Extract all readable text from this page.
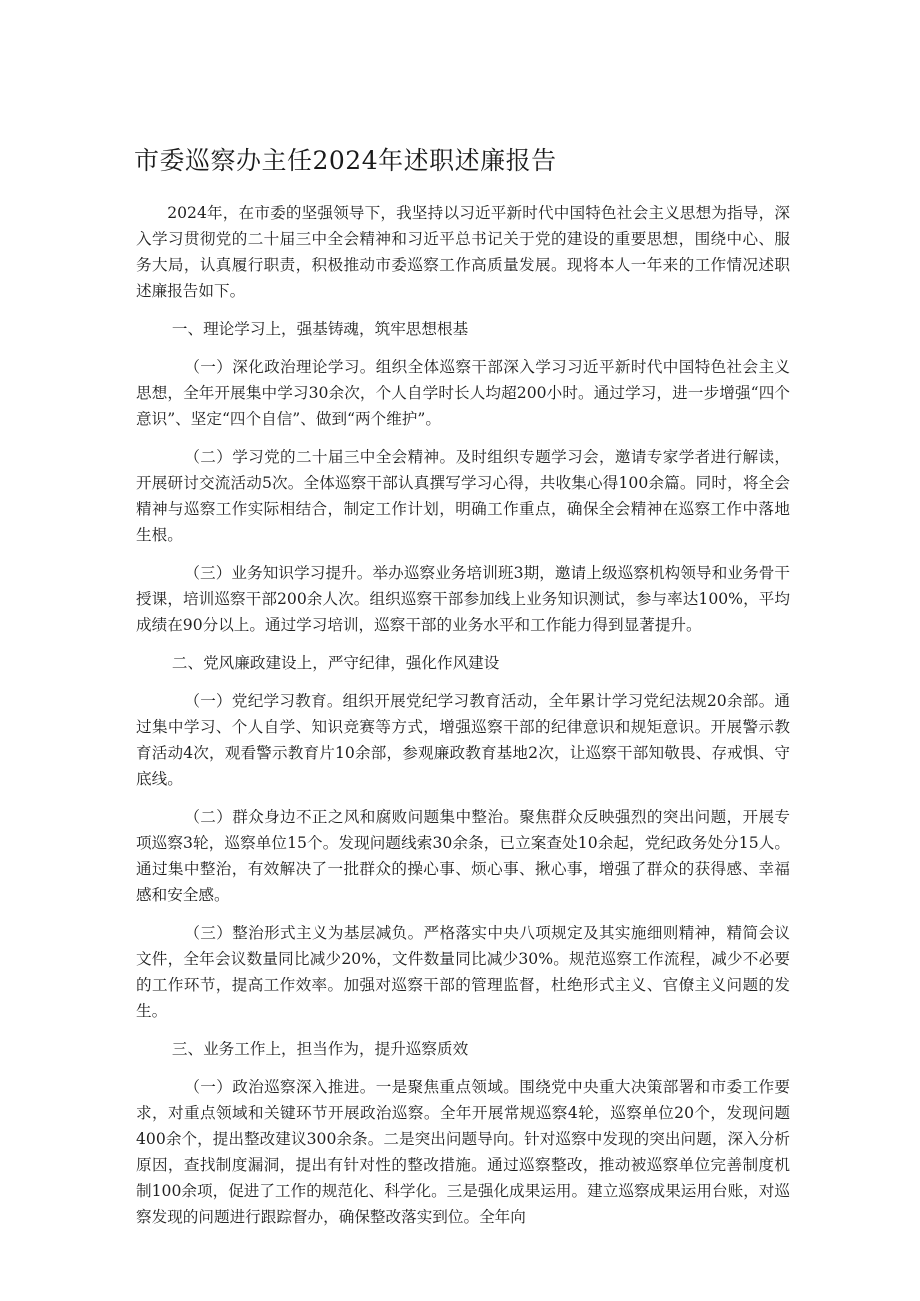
市委巡察办主任2024年述职述廉报告

2024年，在市委的坚强领导下，我坚持以习近平新时代中国特色社会主义思想为指导，深入学习贯彻党的二十届三中全会精神和习近平总书记关于党的建设的重要思想，围绕中心、服务大局，认真履行职责，积极推动市委巡察工作高质量发展。现将本人一年来的工作情况述职述廉报告如下。

一、理论学习上，强基铸魂，筑牢思想根基

（一）深化政治理论学习。组织全体巡察干部深入学习习近平新时代中国特色社会主义思想，全年开展集中学习30余次，个人自学时长人均超200小时。通过学习，进一步增强“四个意识”、坚定“四个自信”、做到“两个维护”。

（二）学习党的二十届三中全会精神。及时组织专题学习会，邀请专家学者进行解读，开展研讨交流活动5次。全体巡察干部认真撰写学习心得，共收集心得100余篇。同时，将全会精神与巡察工作实际相结合，制定工作计划，明确工作重点，确保全会精神在巡察工作中落地生根。

（三）业务知识学习提升。举办巡察业务培训班3期，邀请上级巡察机构领导和业务骨干授课，培训巡察干部200余人次。组织巡察干部参加线上业务知识测试，参与率达100%，平均成绩在90分以上。通过学习培训，巡察干部的业务水平和工作能力得到显著提升。

二、党风廉政建设上，严守纪律，强化作风建设

（一）党纪学习教育。组织开展党纪学习教育活动，全年累计学习党纪法规20余部。通过集中学习、个人自学、知识竞赛等方式，增强巡察干部的纪律意识和规矩意识。开展警示教育活动4次，观看警示教育片10余部，参观廉政教育基地2次，让巡察干部知敬畏、存戒惧、守底线。

（二）群众身边不正之风和腐败问题集中整治。聚焦群众反映强烈的突出问题，开展专项巡察3轮，巡察单位15个。发现问题线索30余条，已立案查处10余起，党纪政务处分15人。通过集中整治，有效解决了一批群众的操心事、烦心事、揪心事，增强了群众的获得感、幸福感和安全感。

（三）整治形式主义为基层减负。严格落实中央八项规定及其实施细则精神，精简会议文件，全年会议数量同比减少20%，文件数量同比减少30%。规范巡察工作流程，减少不必要的工作环节，提高工作效率。加强对巡察干部的管理监督，杜绝形式主义、官僚主义问题的发生。

三、业务工作上，担当作为，提升巡察质效

（一）政治巡察深入推进。一是聚焦重点领域。围绕党中央重大决策部署和市委工作要求，对重点领域和关键环节开展政治巡察。全年开展常规巡察4轮，巡察单位20个，发现问题400余个，提出整改建议300余条。二是突出问题导向。针对巡察中发现的突出问题，深入分析原因，查找制度漏洞，提出有针对性的整改措施。通过巡察整改，推动被巡察单位完善制度机制100余项，促进了工作的规范化、科学化。三是强化成果运用。建立巡察成果运用台账，对巡察发现的问题进行跟踪督办，确保整改落实到位。全年向
